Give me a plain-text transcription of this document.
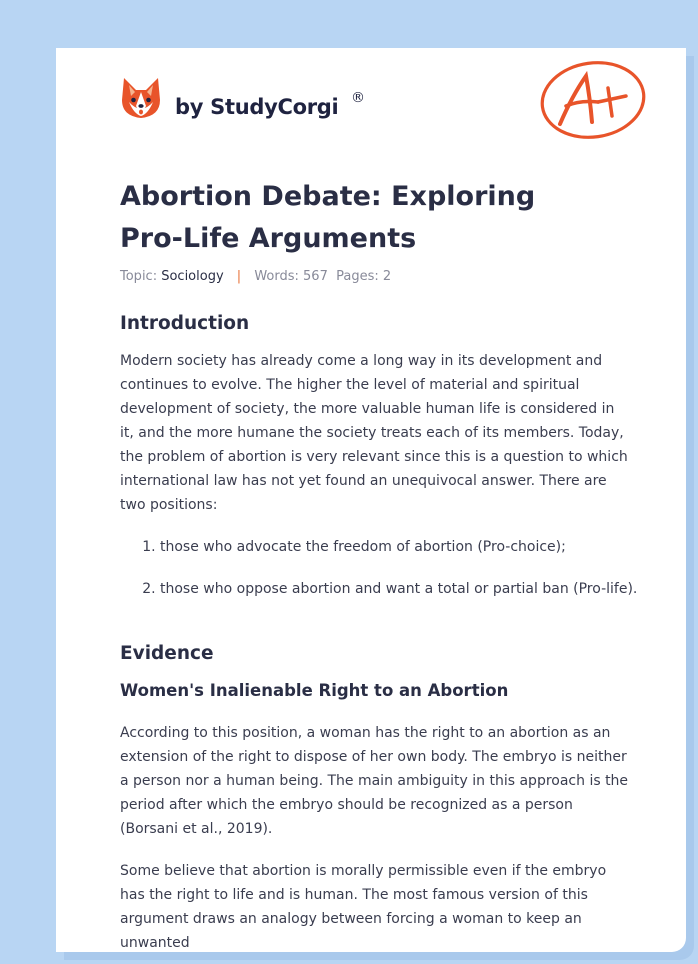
by StudyCorgi ®
Abortion Debate: Exploring Pro-Life Arguments
Topic: Sociology | Words: 567 Pages: 2
Introduction

Modern society has already come a long way in its development and continues to evolve. The higher the level of material and spiritual development of society, the more valuable human life is considered in it, and the more humane the society treats each of its members. Today, the problem of abortion is very relevant since this is a question to which international law has not yet found an unequivocal answer. There are two positions:

1. those who advocate the freedom of abortion (Pro-choice);
2. those who oppose abortion and want a total or partial ban (Pro-life).
Evidence
Women's Inalienable Right to an Abortion

According to this position, a woman has the right to an abortion as an extension of the right to dispose of her own body. The embryo is neither a person nor a human being. The main ambiguity in this approach is the period after which the embryo should be recognized as a person (Borsani et al., 2019).

Some believe that abortion is morally permissible even if the embryo has the right to life and is human. The most famous version of this argument draws an analogy between forcing a woman to keep an unwanted
